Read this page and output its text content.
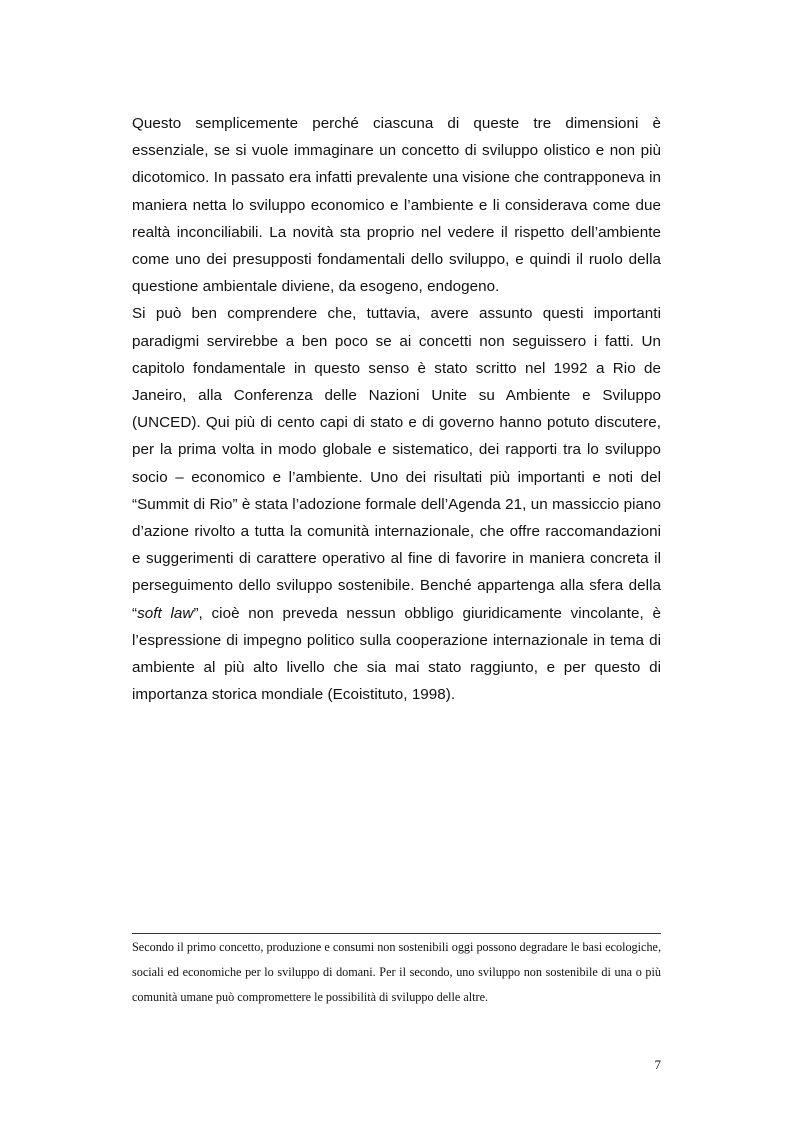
Questo semplicemente perché ciascuna di queste tre dimensioni è essenziale, se si vuole immaginare un concetto di sviluppo olistico e non più dicotomico. In passato era infatti prevalente una visione che contrapponeva in maniera netta lo sviluppo economico e l’ambiente e li considerava come due realtà inconciliabili. La novità sta proprio nel vedere il rispetto dell’ambiente come uno dei presupposti fondamentali dello sviluppo, e quindi il ruolo della questione ambientale diviene, da esogeno, endogeno.

Si può ben comprendere che, tuttavia, avere assunto questi importanti paradigmi servirebbe a ben poco se ai concetti non seguissero i fatti. Un capitolo fondamentale in questo senso è stato scritto nel 1992 a Rio de Janeiro, alla Conferenza delle Nazioni Unite su Ambiente e Sviluppo (UNCED). Qui più di cento capi di stato e di governo hanno potuto discutere, per la prima volta in modo globale e sistematico, dei rapporti tra lo sviluppo socio – economico e l’ambiente. Uno dei risultati più importanti e noti del “Summit di Rio” è stata l’adozione formale dell’Agenda 21, un massiccio piano d’azione rivolto a tutta la comunità internazionale, che offre raccomandazioni e suggerimenti di carattere operativo al fine di favorire in maniera concreta il perseguimento dello sviluppo sostenibile. Benché appartenga alla sfera della “soft law”, cioè non preveda nessun obbligo giuridicamente vincolante, è l’espressione di impegno politico sulla cooperazione internazionale in tema di ambiente al più alto livello che sia mai stato raggiunto, e per questo di importanza storica mondiale (Ecoistituto, 1998).

Secondo il primo concetto, produzione e consumi non sostenibili oggi possono degradare le basi ecologiche, sociali ed economiche per lo sviluppo di domani. Per il secondo, uno sviluppo non sostenibile di una o più comunità umane può compromettere le possibilità di sviluppo delle altre.
7
